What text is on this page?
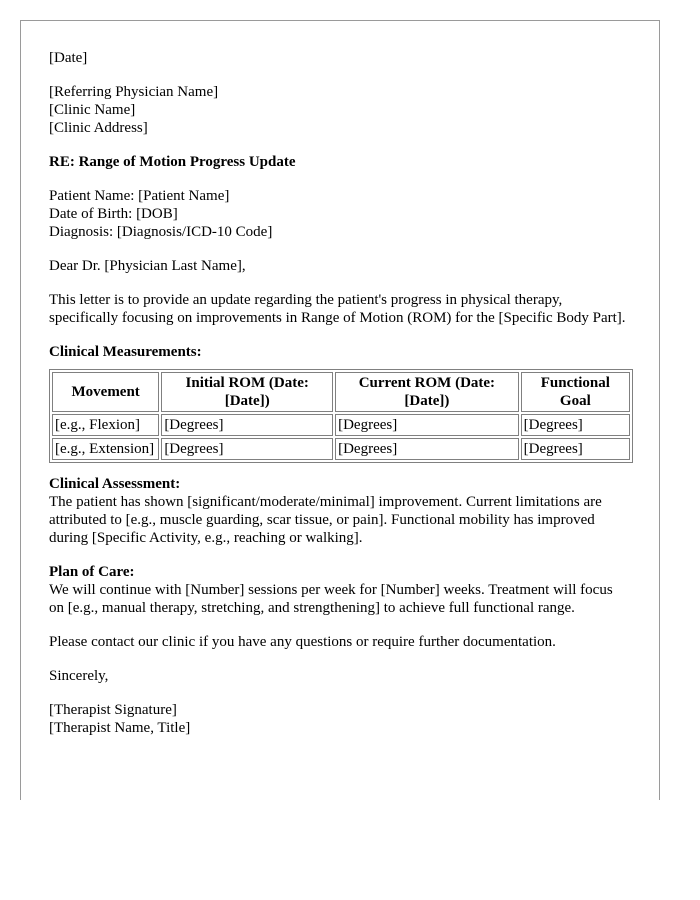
[Date]

[Referring Physician Name]
[Clinic Name]
[Clinic Address]

RE: Range of Motion Progress Update

Patient Name: [Patient Name]
Date of Birth: [DOB]
Diagnosis: [Diagnosis/ICD-10 Code]

Dear Dr. [Physician Last Name],

This letter is to provide an update regarding the patient's progress in physical therapy, specifically focusing on improvements in Range of Motion (ROM) for the [Specific Body Part].

Clinical Measurements:

Movement	Initial ROM (Date: [Date])	Current ROM (Date: [Date])	Functional Goal
[e.g., Flexion]	[Degrees]	[Degrees]	[Degrees]
[e.g., Extension]	[Degrees]	[Degrees]	[Degrees]

Clinical Assessment:
The patient has shown [significant/moderate/minimal] improvement. Current limitations are attributed to [e.g., muscle guarding, scar tissue, or pain]. Functional mobility has improved during [Specific Activity, e.g., reaching or walking].

Plan of Care:
We will continue with [Number] sessions per week for [Number] weeks. Treatment will focus on [e.g., manual therapy, stretching, and strengthening] to achieve full functional range.

Please contact our clinic if you have any questions or require further documentation.

Sincerely,

[Therapist Signature]
[Therapist Name, Title]
